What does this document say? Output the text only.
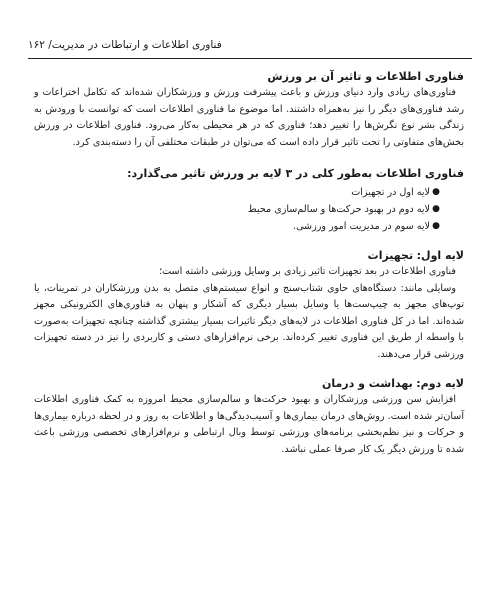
فناوری اطلاعات و ارتباطات در مدیریت/ ۱۶۲
فناوری اطلاعات و تاثیر آن بر ورزش

فناوری‌های زیادی وارد دنیای ورزش و باعث پیشرفت ورزش و ورزشکاران شده‌اند که تکامل اختراعات و رشد فناوری‌های دیگر را نیز به‌همراه داشتند. اما موضوع ما فناوری اطلاعات است که توانست با ورودش به زندگی بشر نوع نگرش‌ها را تغییر دهد؛ فناوری که در هر محیطی به‌کار می‌رود. فناوری اطلاعات در ورزش بخش‌های متفاوتی را تحت تاثیر قرار داده است که می‌توان در طبقات مختلفی آن را دسته‌بندی کرد.

فناوری اطلاعات به‌طور کلی در ۳ لایه بر ورزش تاثیر می‌گذارد:
●
لایه اول در تجهیزات
●
لایه دوم در بهبود حرکت‌ها و سالم‌سازی محیط
●
لایه سوم در مدیریت امور ورزشی.
لایه اول: تجهیزات

فناوری اطلاعات در بعد تجهیزات تاثیر زیادی بر وسایل ورزشی داشته است؛

وسایلی مانند: دستگاه‌های حاوی شتاب‌سنج و انواع سیستم‌های متصل به بدن ورزشکاران در تمرینات، یا توپ‌های مجهز به چیپ‌ست‌ها یا وسایل بسیار دیگری که آشکار و پنهان به فناوری‌های الکترونیکی مجهز شده‌اند. اما در کل فناوری اطلاعات در لایه‌های دیگر تاثیرات بسیار بیشتری گذاشته چنانچه تجهیزات به‌صورت با واسطه از طریق این فناوری تغییر کرده‌اند. برخی نرم‌افزارهای دستی و کاربردی را نیز در دسته تجهیزات ورزشی قرار می‌دهند.

لایه دوم: بهداشت و درمان

افزایش سن ورزشی ورزشکاران و بهبود حرکت‌ها و سالم‌سازی محیط امروزه به کمک فناوری اطلاعات آسان‌تر شده است. روش‌های درمان بیماری‌ها و آسیب‌دیدگی‌ها و اطلاعات به روز و در لحظه درباره بیماری‌ها و حرکات و نیز نظم‌بخشی برنامه‌های ورزشی توسط وبال ارتباطی و نرم‌افزارهای تخصصی ورزشی باعث شده تا ورزش دیگر یک کار صرفا عملی نباشد.
